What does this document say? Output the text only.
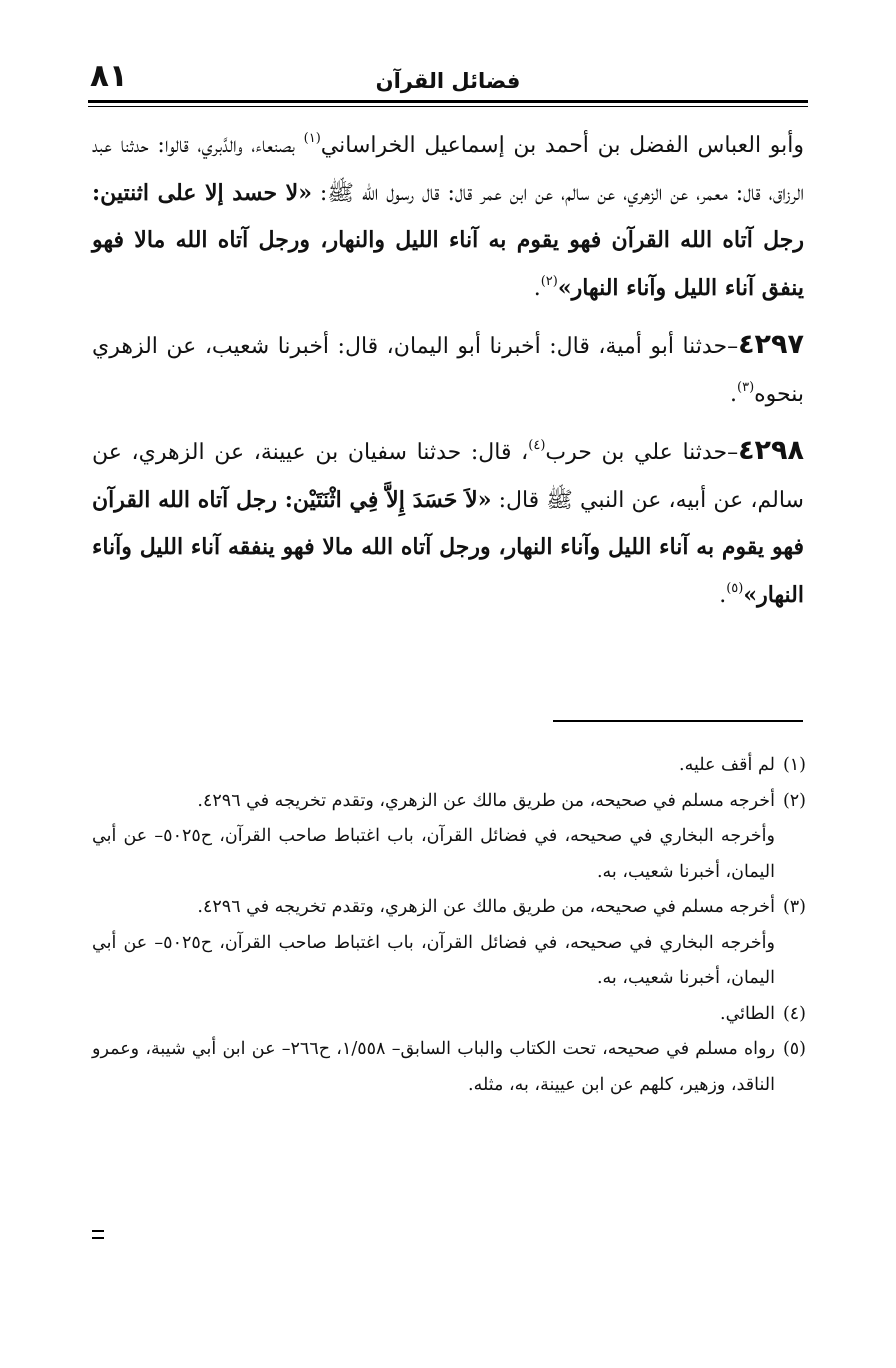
٨١	فضائل القرآن

وأبو العباس الفضل بن أحمد بن إسماعيل الخراساني$^{(١)}$ بصنعاء، والدَّبري، قالوا: حدثنا عبد الرزاق، قال: معمر، عن الزهري، عن سالم، عن ابن عمر قال: قال رسول الله ﷺ: «لا حسد إلا على اثنتين: رجل آتاه الله القرآن فهو يقوم به آناء الليل والنهار، ورجل آتاه الله مالا فهو ينفق آناء الليل وآناء النهار»$^{(٢)}$.

٤٢٩٧–حدثنا أبو أمية، قال: أخبرنا أبو اليمان، قال: أخبرنا شعيب، عن الزهري بنحوه$^{(٣)}$.

٤٢٩٨–حدثنا علي بن حرب$^{(٤)}$، قال: حدثنا سفيان بن عيينة، عن الزهري، عن سالم، عن أبيه، عن النبي ﷺ قال: «لاَ حَسَدَ إِلاَّ فِي اثْنَتَيْن: رجل آتاه الله القرآن فهو يقوم به آناء الليل وآناء النهار، ورجل آتاه الله مالا فهو ينفقه آناء الليل وآناء النهار»$^{(٥)}$.

(١)
لم أقف عليه.
(٢)
أخرجه مسلم في صحيحه، من طريق مالك عن الزهري، وتقدم تخريجه في ٤٢٩٦.
وأخرجه البخاري في صحيحه، في فضائل القرآن، باب اغتباط صاحب القرآن، ح٥٠٢٥– عن أبي اليمان، أخبرنا شعيب، به.
(٣)
أخرجه مسلم في صحيحه، من طريق مالك عن الزهري، وتقدم تخريجه في ٤٢٩٦.
وأخرجه البخاري في صحيحه، في فضائل القرآن، باب اغتباط صاحب القرآن، ح٥٠٢٥– عن أبي اليمان، أخبرنا شعيب، به.
(٤)
الطائي.
(٥)
رواه مسلم في صحيحه، تحت الكتاب والباب السابق– ١/٥٥٨، ح٢٦٦– عن ابن أبي شيبة، وعمرو الناقد، وزهير، كلهم عن ابن عيينة، به، مثله.
